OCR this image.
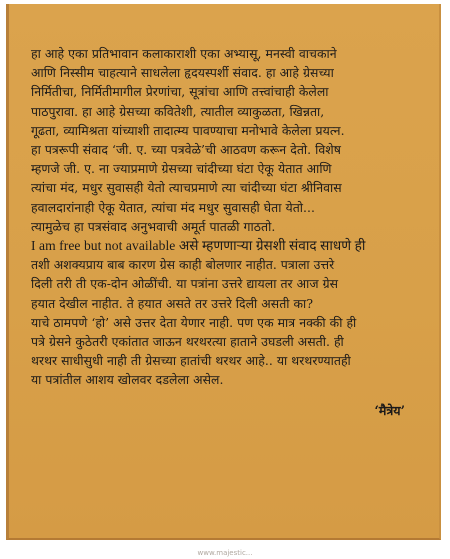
हा आहे एका प्रतिभावान कलाकाराशी एका अभ्यासू, मनस्वी वाचकाने
आणि निस्सीम चाहत्याने साधलेला हृदयस्पर्शी संवाद. हा आहे ग्रेसच्या
निर्मितीचा, निर्मितीमागील प्रेरणांचा, सूत्रांचा आणि तत्त्वांचाही केलेला
पाठपुरावा. हा आहे ग्रेसच्या कवितेशी, त्यातील व्याकुळता, खिन्नता,
गूढता, व्यामिश्रता यांच्याशी तादात्म्य पावण्याचा मनोभावे केलेला प्रयत्न.
हा पत्ररूपी संवाद ‘जी. ए. च्या पत्रवेळे’ची आठवण करून देतो. विशेष
म्हणजे जी. ए. ना ज्याप्रमाणे ग्रेसच्या चांदीच्या घंटा ऐकू येतात आणि
त्यांचा मंद, मधुर सुवासही येतो त्याचप्रमाणे त्या चांदीच्या घंटा श्रीनिवास
हवालदारांनाही ऐकू येतात, त्यांचा मंद मधुर सुवासही घेता येतो...
त्यामुळेच हा पत्रसंवाद अनुभवाची अमूर्त पातळी गाठतो.

I am free but not available असे म्हणणाऱ्या ग्रेसशी संवाद साधणे ही
तशी अशक्यप्राय बाब कारण ग्रेस काही बोलणार नाहीत. पत्राला उत्तरे
दिली तरी ती एक-दोन ओळींची. या पत्रांना उत्तरे द्यायला तर आज ग्रेस
हयात देखील नाहीत. ते हयात असते तर उत्तरे दिली असती का?
याचे ठामपणे ‘हो’ असे उत्तर देता येणार नाही. पण एक मात्र नक्की की ही
पत्रे ग्रेसने कुठेतरी एकांतात जाऊन थरथरत्या हाताने उघडली असती. ही
थरथर साधीसुधी नाही ती ग्रेसच्या हातांची थरथर आहे.. या थरथरण्यातही
या पत्रांतील आशय खोलवर दडलेला असेल.

‘मैत्रेय’
www.majestic...
